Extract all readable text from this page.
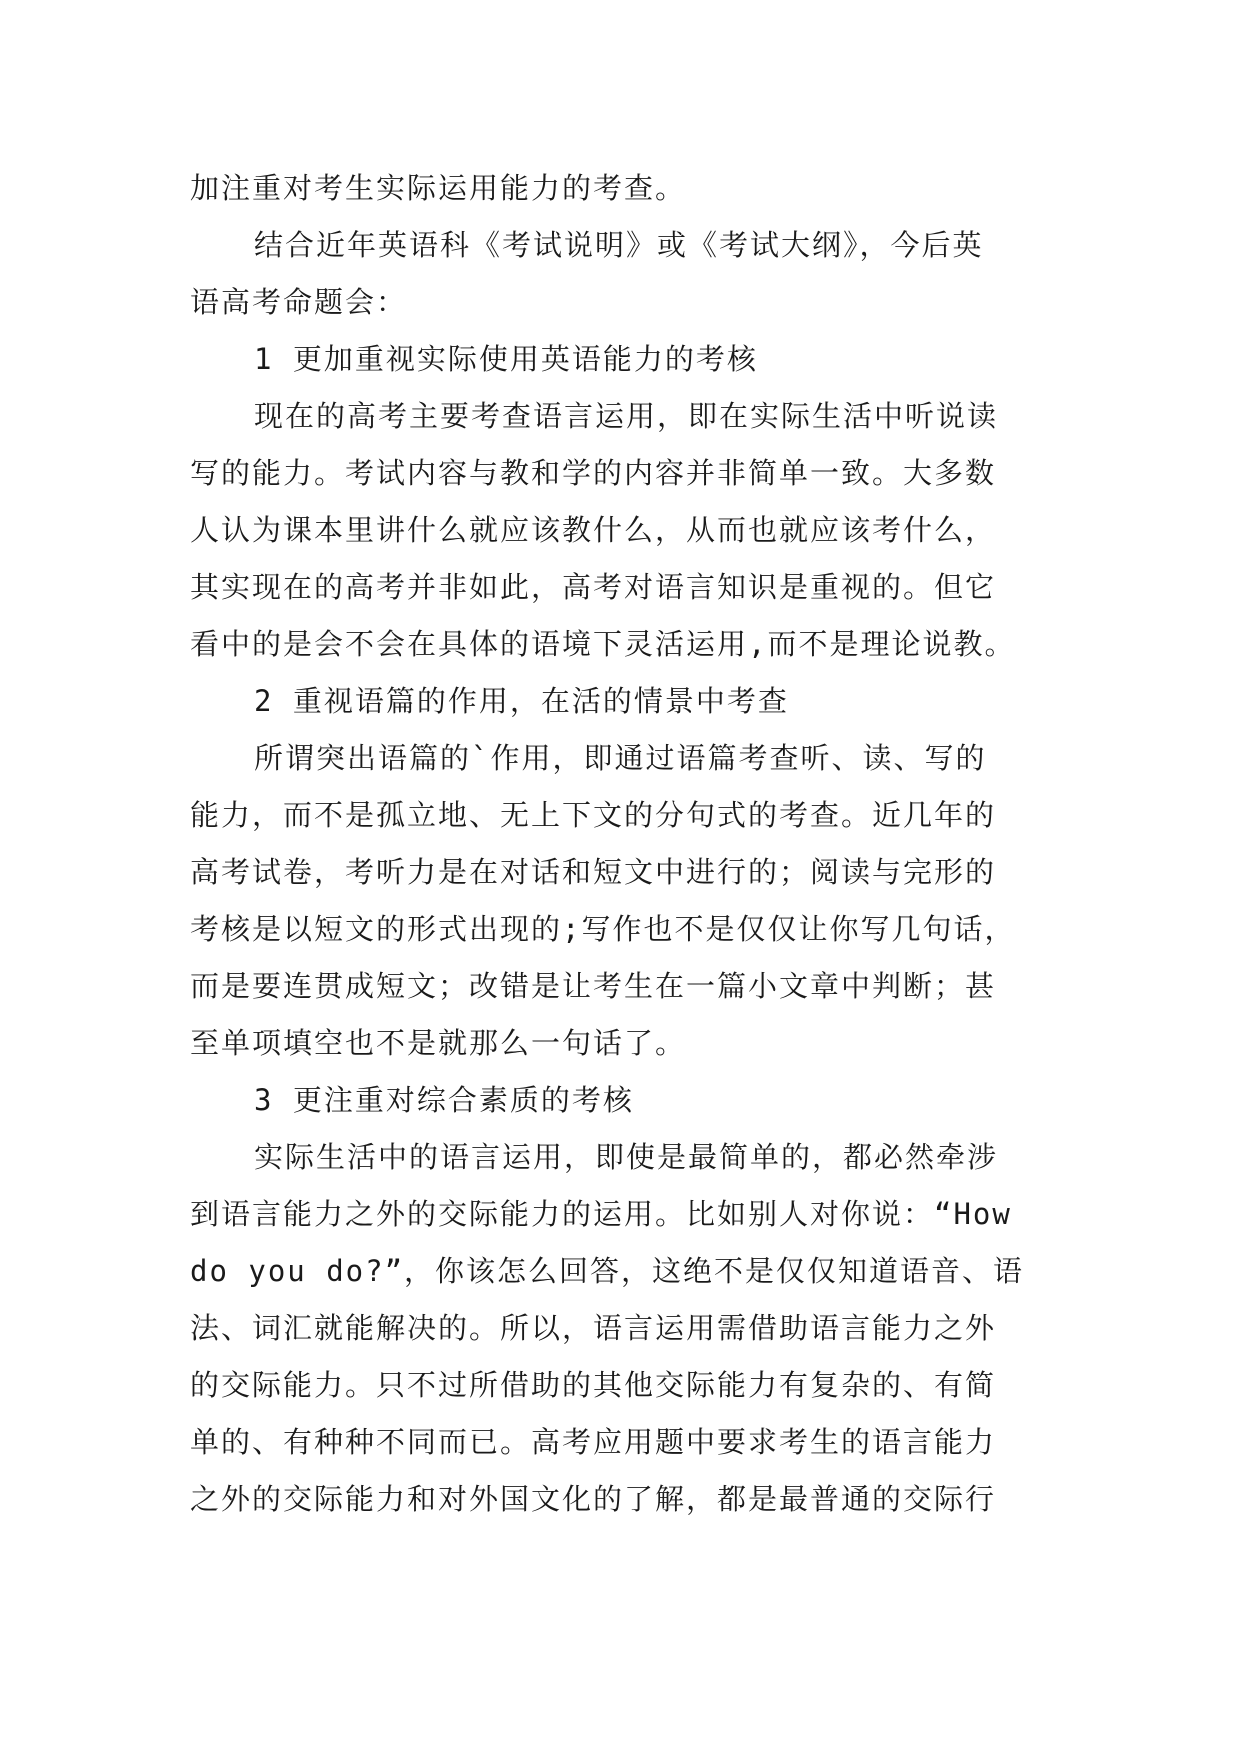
加注重对考生实际运用能力的考查。
结合近年英语科《考试说明》或《考试大纲》，今后英
语高考命题会：
1 更加重视实际使用英语能力的考核
现在的高考主要考查语言运用，即在实际生活中听说读
写的能力。考试内容与教和学的内容并非简单一致。大多数
人认为课本里讲什么就应该教什么，从而也就应该考什么，
其实现在的高考并非如此，高考对语言知识是重视的。但它
看中的是会不会在具体的语境下灵活运用,而不是理论说教。
2 重视语篇的作用，在活的情景中考查
所谓突出语篇的`作用，即通过语篇考查听、读、写的
能力，而不是孤立地、无上下文的分句式的考查。近几年的
高考试卷，考听力是在对话和短文中进行的；阅读与完形的
考核是以短文的形式出现的;写作也不是仅仅让你写几句话，
而是要连贯成短文；改错是让考生在一篇小文章中判断；甚
至单项填空也不是就那么一句话了。
3 更注重对综合素质的考核
实际生活中的语言运用，即使是最简单的，都必然牵涉
到语言能力之外的交际能力的运用。比如别人对你说：“How
do you do?”，你该怎么回答，这绝不是仅仅知道语音、语
法、词汇就能解决的。所以，语言运用需借助语言能力之外
的交际能力。只不过所借助的其他交际能力有复杂的、有简
单的、有种种不同而已。高考应用题中要求考生的语言能力
之外的交际能力和对外国文化的了解，都是最普通的交际行
